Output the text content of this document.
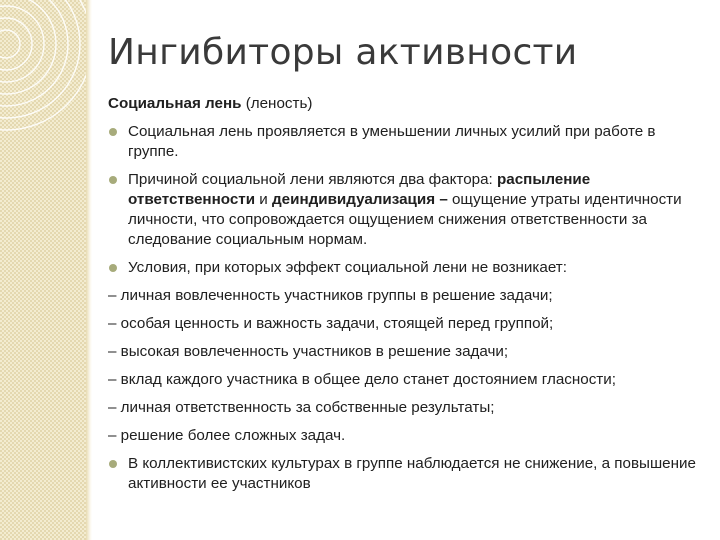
Ингибиторы активности

Социальная лень (леность)

Социальная лень проявляется в уменьшении личных усилий при работе в группе.
Причиной социальной лени являются два фактора: распыление ответственности и деиндивидуализация – ощущение утраты идентичности личности, что сопровождается ощущением снижения ответственности за следование социальным нормам.
Условия, при которых эффект социальной лени не возникает:

– личная вовлеченность участников группы в решение задачи;

– особая ценность и важность задачи, стоящей перед группой;

– высокая вовлеченность участников в решение задачи;

– вклад каждого участника в общее дело станет достоянием гласности;

– личная ответственность за собственные результаты;

– решение более сложных задач.

В коллективистских культурах в группе наблюдается не снижение, а повышение активности ее участников
